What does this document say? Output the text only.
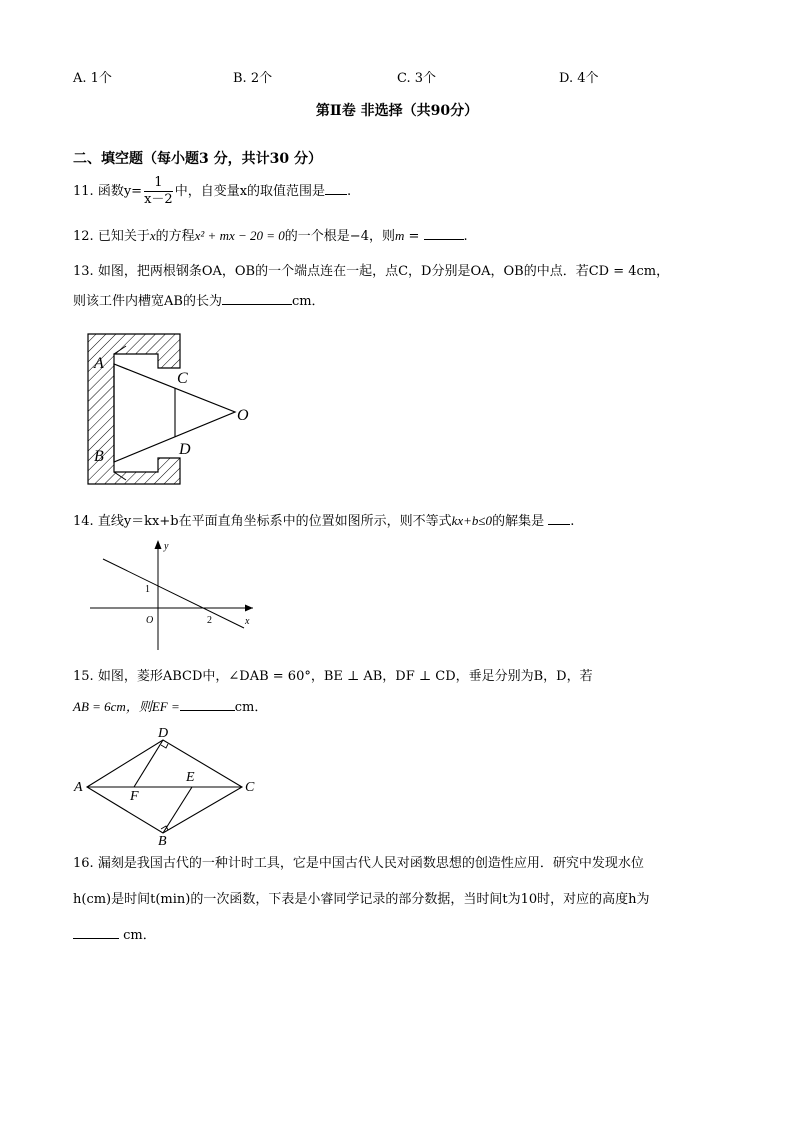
A. 1个	B. 2个	C. 3个	D. 4个
第Ⅱ卷 非选择（共90分）
二、填空题（每小题3 分，共计30 分）
11. 函数$y= \frac{1}{x-2}$ 中，自变量x的取值范围是 .
12. 已知关于x的方程x² + mx − 20 = 0的一个根是−4，则m =	.
13. 如图，把两根钢条OA，OB的一个端点连在一起，点C，D分别是OA，OB的中点．若CD = 4cm，
则该工件内槽宽AB的长为	cm．
A
B
C
D
O
14. 直线y＝kx+b在平面直角坐标系中的位置如图所示，则不等式kx+b≤0的解集是 .
y
x
O
1
2
15. 如图，菱形ABCD中，∠DAB = 60°，BE ⊥ AB，DF ⊥ CD，垂足分别为B，D，若
AB = 6cm，则EF =	cm．
A
D
C
B
E
F
16. 漏刻是我国古代的一种计时工具，它是中国古代人民对函数思想的创造性应用．研究中发现水位
h(cm)是时间t(min)的一次函数，下表是小睿同学记录的部分数据，当时间t为10时，对应的高度h为
cm．
